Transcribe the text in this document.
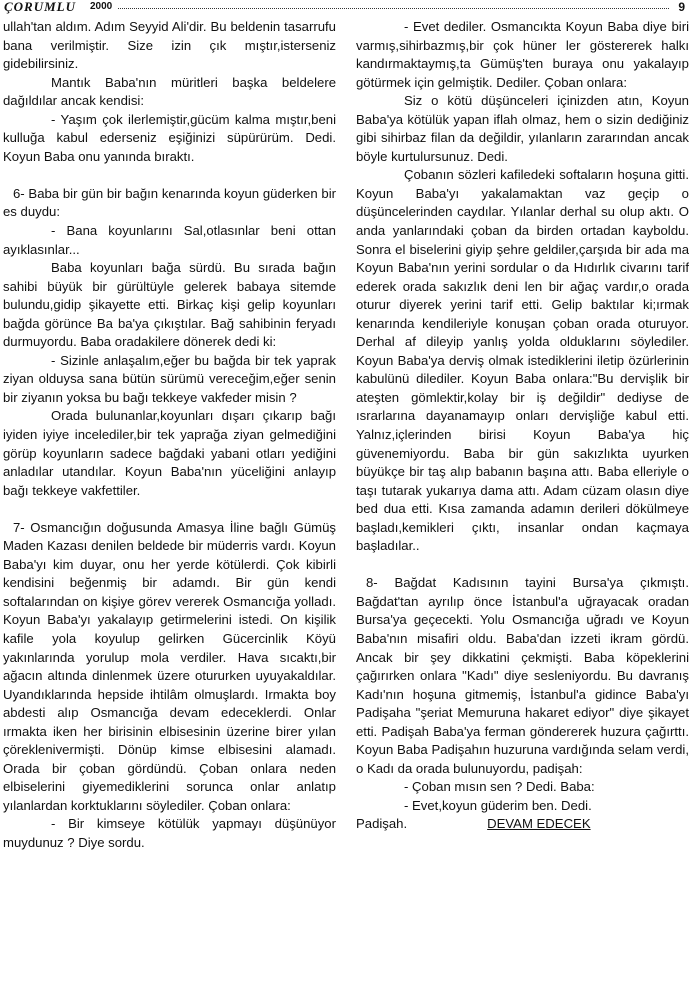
ÇORUMLU 2000	9

ullah'tan aldım. Adım Seyyid Ali'dir. Bu beldenin tasarrufu bana verilmiştir. Size izin çık mıştır,isterseniz gidebilirsiniz.

Mantık Baba'nın müritleri başka beldelere dağıldılar ancak kendisi:

- Yaşım çok ilerlemiştir,gücüm kalma mıştır,beni kulluğa kabul ederseniz eşiğinizi süpürürüm. Dedi. Koyun Baba onu yanında bıraktı.

6- Baba bir gün bir bağın kenarında koyun güderken bir es duydu:

- Bana koyunlarını Sal,otlasınlar beni ottan ayıklasınlar...

Baba koyunları bağa sürdü. Bu sırada bağın sahibi büyük bir gürültüyle gelerek babaya sitemde bulundu,gidip şikayette etti. Birkaç kişi gelip koyunları bağda görünce Ba ba'ya çıkıştılar. Bağ sahibinin feryadı durmuyordu. Baba oradakilere dönerek dedi ki:

- Sizinle anlaşalım,eğer bu bağda bir tek yaprak ziyan olduysa sana bütün sürümü vereceğim,eğer senin bir ziyanın yoksa bu bağı tekkeye vakfeder misin ?

Orada bulunanlar,koyunları dışarı çıkarıp bağı iyiden iyiye incelediler,bir tek yaprağa ziyan gelmediğini görüp koyunların sadece bağdaki yabani otları yediğini anladılar utandılar. Koyun Baba'nın yüceliğini anlayıp bağı tekkeye vakfettiler.

7- Osmancığın doğusunda Amasya İline bağlı Gümüş Maden Kazası denilen beldede bir müderris vardı. Koyun Baba'yı kim duyar, onu her yerde kötülerdi. Çok kibirli kendisini beğenmiş bir adamdı. Bir gün kendi softalarından on kişiye görev vererek Osmancığa yolladı. Koyun Baba'yı yakalayıp getirmelerini istedi. On kişilik kafile yola koyulup gelirken Gücercinlik Köyü yakınlarında yorulup mola verdiler. Hava sıcaktı,bir ağacın altında dinlenmek üzere otururken uyuyakaldılar. Uyandıklarında hepside ihtilâm olmuşlardı. Irmakta boy abdesti alıp Osmancığa devam edeceklerdi. Onlar ırmakta iken her birisinin elbisesinin üzerine birer yılan çöreklenivermişti. Dönüp kimse elbisesini alamadı. Orada bir çoban gördündü. Çoban onlara neden elbiselerini giyemediklerini sorunca onlar anlatıp yılanlardan korktuklarını söylediler. Çoban onlara:

- Bir kimseye kötülük yapmayı düşünüyor muydunuz ? Diye sordu.

- Evet dediler. Osmancıkta Koyun Baba diye biri varmış,sihirbazmış,bir çok hüner ler göstererek halkı kandırmaktaymış,ta Gümüş'ten buraya onu yakalayıp götürmek için gelmiştik. Dediler. Çoban onlara:

Siz o kötü düşünceleri içinizden atın, Koyun Baba'ya kötülük yapan iflah olmaz, hem o sizin dediğiniz gibi sihirbaz filan da değildir, yılanların zararından ancak böyle kurtulursunuz. Dedi.

Çobanın sözleri kafiledeki softaların hoşuna gitti. Koyun Baba'yı yakalamaktan vaz geçip o düşüncelerinden caydılar. Yılanlar derhal su olup aktı. O anda yanlarındaki çoban da birden ortadan kayboldu. Sonra el biselerini giyip şehre geldiler,çarşıda bir ada ma Koyun Baba'nın yerini sordular o da Hıdırlık civarını tarif ederek orada sakızlık deni len bir ağaç vardır,o orada oturur diyerek yerini tarif etti. Gelip baktılar ki;ırmak kenarında kendileriyle konuşan çoban orada oturuyor. Derhal af dileyip yanlış yolda olduklarını söylediler. Koyun Baba'ya derviş olmak istediklerini iletip özürlerinin kabulünü dilediler. Koyun Baba onlara:"Bu dervişlik bir ateşten gömlektir,kolay bir iş değildir" dediyse de ısrarlarına dayanamayıp onları dervişliğe kabul etti. Yalnız,içlerinden birisi Koyun Baba'ya hiç güvenemiyordu. Baba bir gün sakızlıkta uyurken büyükçe bir taş alıp babanın başına attı. Baba elleriyle o taşı tutarak yukarıya dama attı. Adam cüzam olasın diye bed dua etti. Kısa zamanda adamın derileri dökülmeye başladı,kemikleri çıktı, insanlar ondan kaçmaya başladılar..

8- Bağdat Kadısının tayini Bursa'ya çıkmıştı. Bağdat'tan ayrılıp önce İstanbul'a uğrayacak oradan Bursa'ya geçecekti. Yolu Osmancığa uğradı ve Koyun Baba'nın misafiri oldu. Baba'dan izzeti ikram gördü. Ancak bir şey dikkatini çekmişti. Baba köpeklerini çağırırken onlara "Kadı" diye sesleniyordu. Bu davranış Kadı'nın hoşuna gitmemiş, İstanbul'a gidince Baba'yı Padişaha "şeriat Memuruna hakaret ediyor" diye şikayet etti. Padişah Baba'ya ferman göndererek huzura çağırttı. Koyun Baba Padişahın huzuruna vardığında selam verdi, o Kadı da orada bulunuyordu, padişah:

- Çoban mısın sen ? Dedi. Baba:

- Evet,koyun güderim ben. Dedi. Padişah.	DEVAM EDECEK
